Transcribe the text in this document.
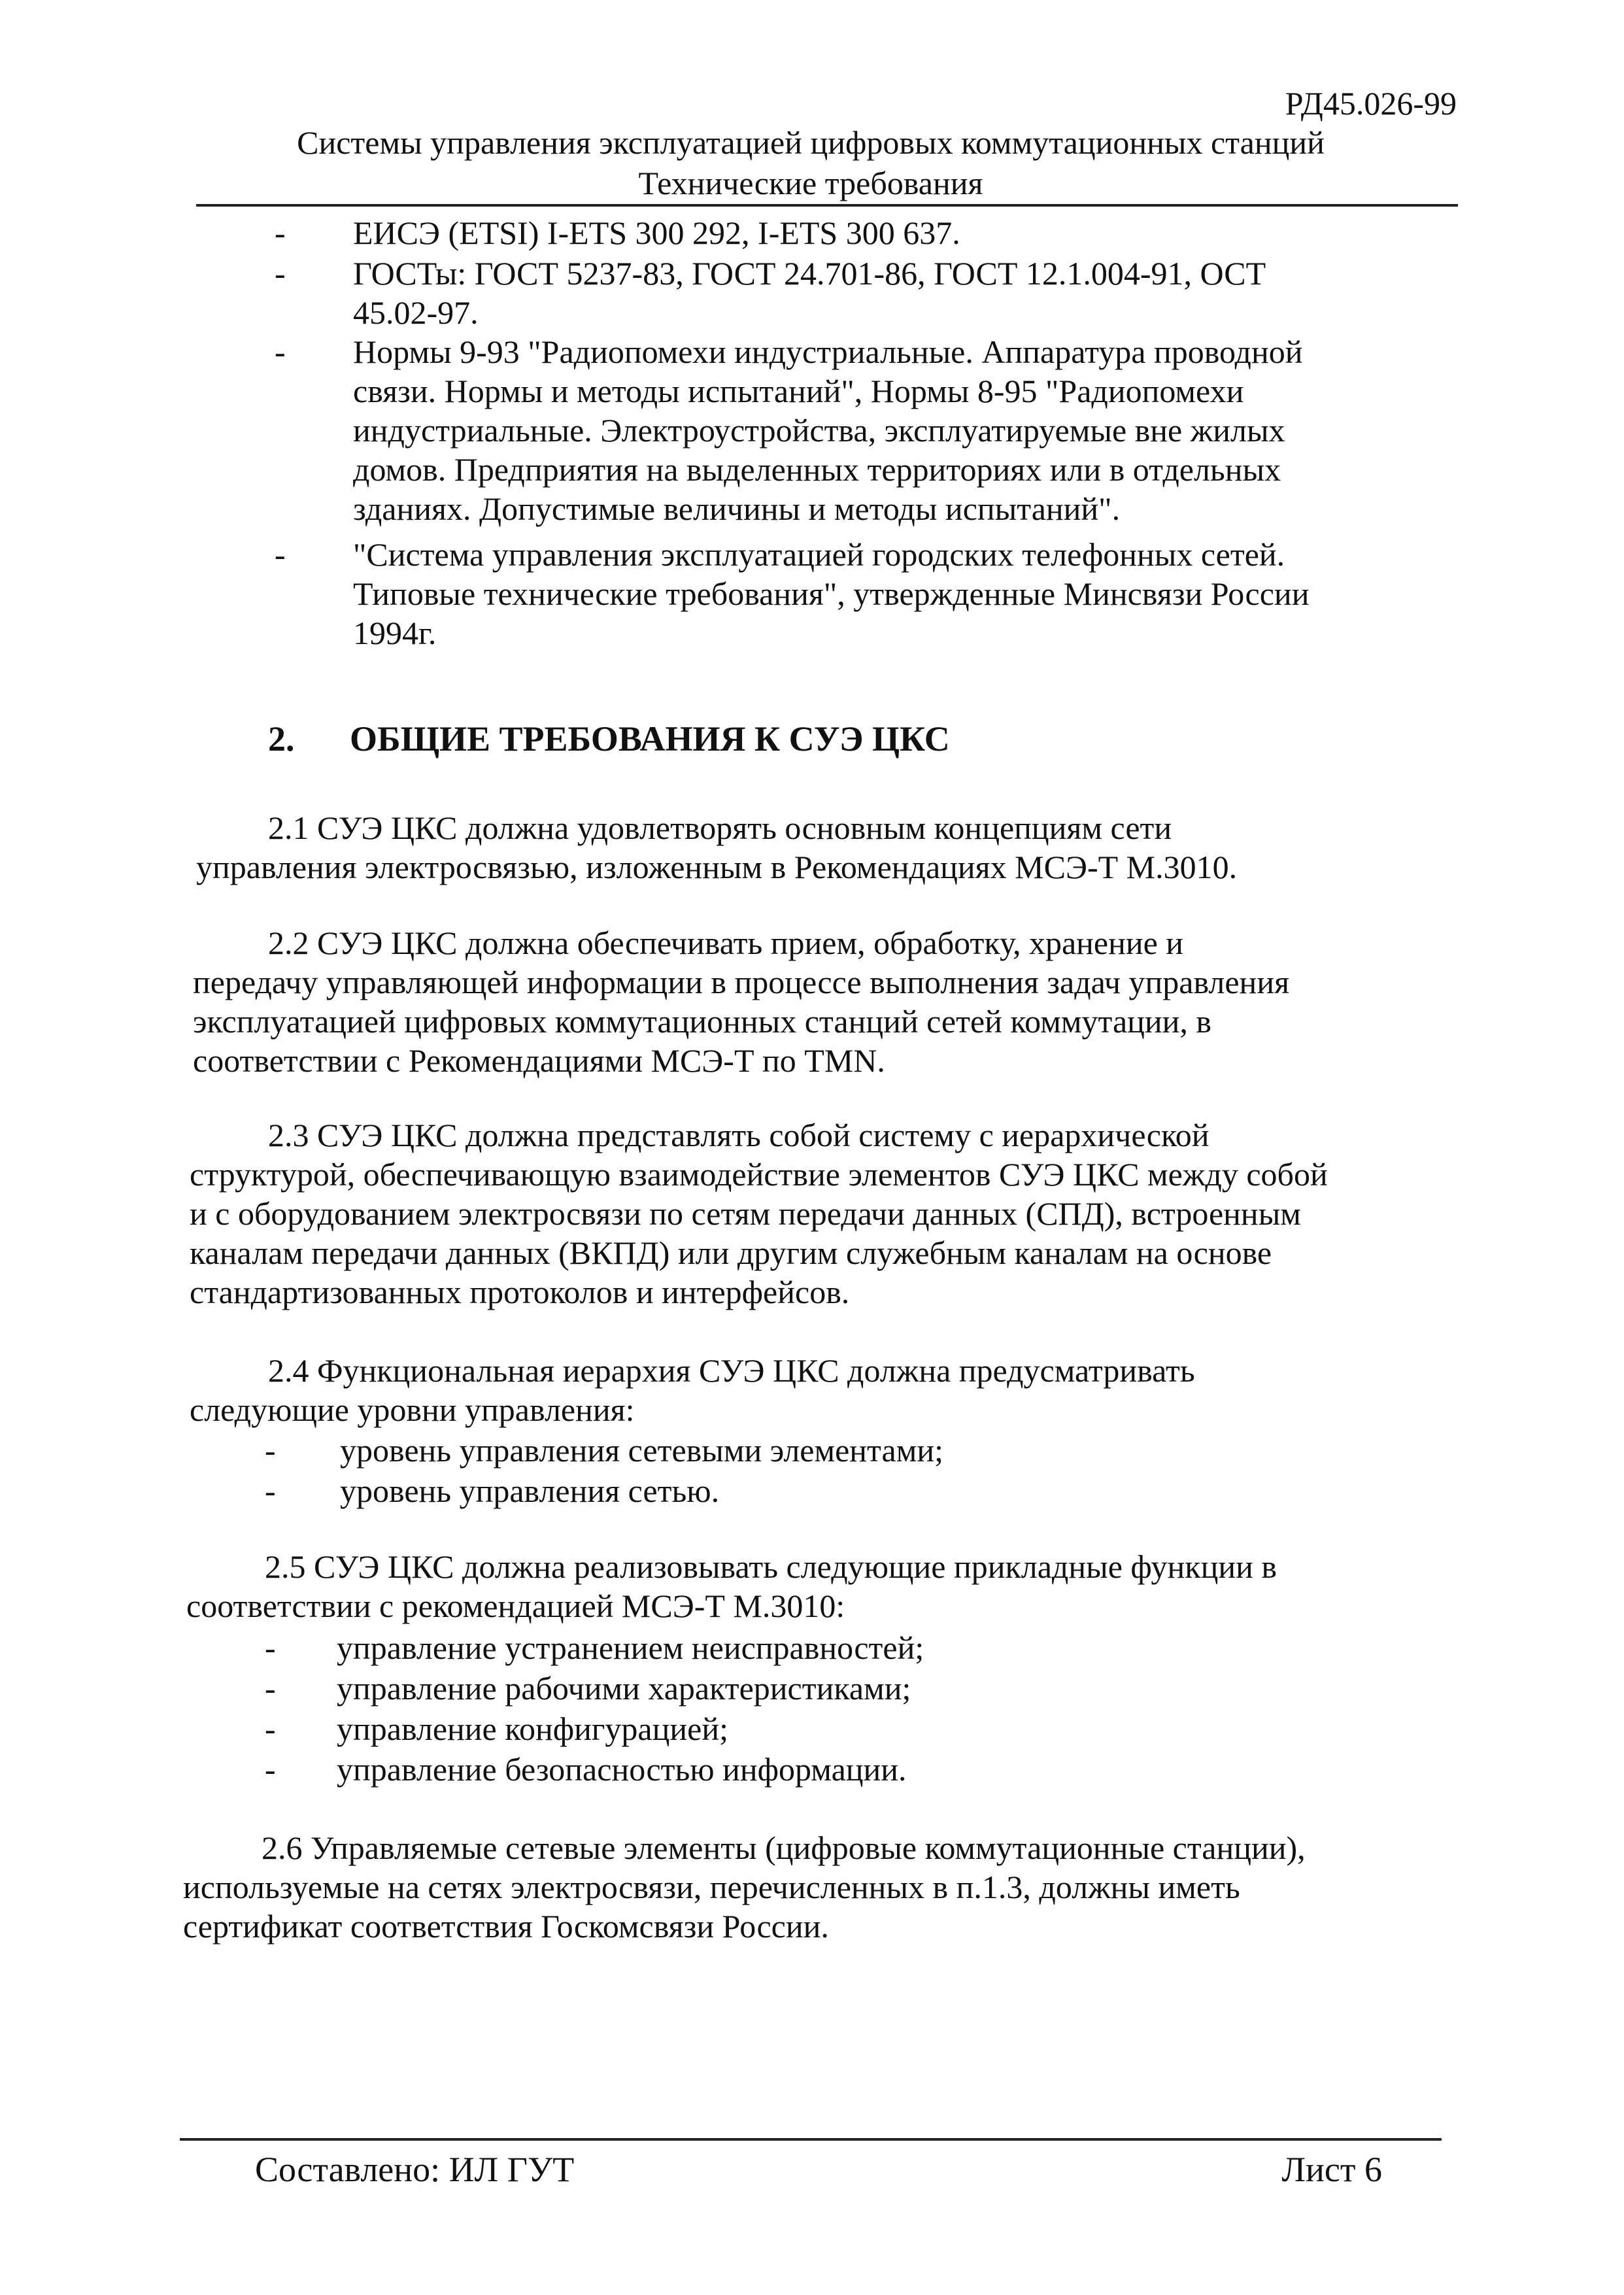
РД45.026-99
Системы управления эксплуатацией цифровых коммутационных станций
Технические требования
- ЕИСЭ (ETSI) I-ETS 300 292, I-ETS 300 637.
- ГОСТы: ГОСТ 5237-83, ГОСТ 24.701-86, ГОСТ 12.1.004-91, ОСТ
45.02-97.
- Нормы 9-93 "Радиопомехи индустриальные. Аппаратура проводной
связи. Нормы и методы испытаний", Нормы 8-95 "Радиопомехи
индустриальные. Электроустройства, эксплуатируемые вне жилых
домов. Предприятия на выделенных территориях или в отдельных
зданиях. Допустимые величины и методы испытаний".
- "Система управления эксплуатацией городских телефонных сетей.
Типовые технические требования", утвержденные Минсвязи России
1994г.
2. ОБЩИЕ ТРЕБОВАНИЯ К СУЭ ЦКС
2.1 СУЭ ЦКС должна удовлетворять основным концепциям сети
управления электросвязью, изложенным в Рекомендациях МСЭ-Т М.3010.
2.2 СУЭ ЦКС должна обеспечивать прием, обработку, хранение и
передачу управляющей информации в процессе выполнения задач управления
эксплуатацией цифровых коммутационных станций сетей коммутации, в
соответствии с Рекомендациями МСЭ-Т по TMN.
2.3 СУЭ ЦКС должна представлять собой систему с иерархической
структурой, обеспечивающую взаимодействие элементов СУЭ ЦКС между собой
и с оборудованием электросвязи по сетям передачи данных (СПД), встроенным
каналам передачи данных (ВКПД) или другим служебным каналам на основе
стандартизованных протоколов и интерфейсов.
2.4 Функциональная иерархия СУЭ ЦКС должна предусматривать
следующие уровни управления:
- уровень управления сетевыми элементами;
- уровень управления сетью.
2.5 СУЭ ЦКС должна реализовывать следующие прикладные функции в
соответствии с рекомендацией МСЭ-Т М.3010:
- управление устранением неисправностей;
- управление рабочими характеристиками;
- управление конфигурацией;
- управление безопасностью информации.
2.6 Управляемые сетевые элементы (цифровые коммутационные станции),
используемые на сетях электросвязи, перечисленных в п.1.3, должны иметь
сертификат соответствия Госкомсвязи России.
Составлено: ИЛ ГУТ	Лист 6
